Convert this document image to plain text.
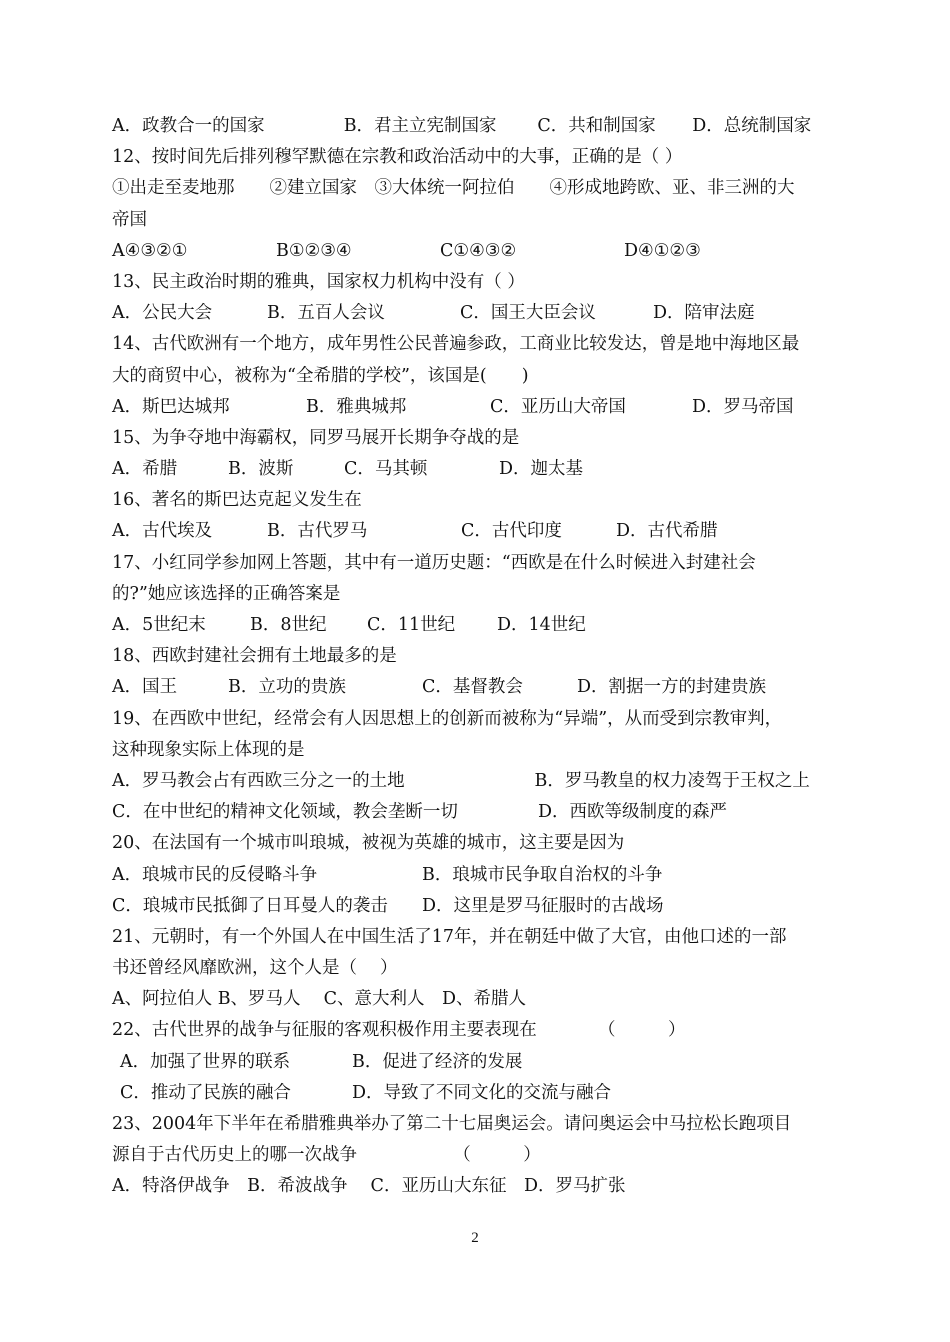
A．政教合一的国家	B．君主立宪制国家	C．共和制国家	D．总统制国家
12、按时间先后排列穆罕默德在宗教和政治活动中的大事，正确的是（ ）
①出走至麦地那　　②建立国家　③大体统一阿拉伯　　④形成地跨欧、亚、非三洲的大
帝国
A④③②①	B①②③④	C①④③②	D④①②③
13、民主政治时期的雅典，国家权力机构中没有（ ）
A．公民大会	B．五百人会议	C．国王大臣会议	D．陪审法庭
14、古代欧洲有一个地方，成年男性公民普遍参政，工商业比较发达，曾是地中海地区最
大的商贸中心，被称为“全希腊的学校”，该国是(　　)
A．斯巴达城邦	B．雅典城邦	C．亚历山大帝国	D．罗马帝国
15、为争夺地中海霸权，同罗马展开长期争夺战的是
A．希腊	B．波斯	C．马其顿	D．迦太基
16、著名的斯巴达克起义发生在
A．古代埃及	B．古代罗马	C．古代印度	D．古代希腊
17、小红同学参加网上答题，其中有一道历史题：“西欧是在什么时候进入封建社会
的?”她应该选择的正确答案是
A．5世纪末	B．8世纪	C．11世纪	D．14世纪
18、西欧封建社会拥有土地最多的是
A．国王	B．立功的贵族	C．基督教会	D．割据一方的封建贵族
19、在西欧中世纪，经常会有人因思想上的创新而被称为“异端”，从而受到宗教审判，
这种现象实际上体现的是
A．罗马教会占有西欧三分之一的土地	B．罗马教皇的权力凌驾于王权之上
C．在中世纪的精神文化领域，教会垄断一切	D．西欧等级制度的森严
20、在法国有一个城市叫琅城，被视为英雄的城市，这主要是因为
A．琅城市民的反侵略斗争	B．琅城市民争取自治权的斗争
C．琅城市民抵御了日耳曼人的袭击	D．这里是罗马征服时的古战场
21、元朝时，有一个外国人在中国生活了17年，并在朝廷中做了大官，由他口述的一部
书还曾经风靡欧洲，这个人是（　 ）
A、阿拉伯人 B、罗马人　 C、意大利人　D、希腊人
22、古代世界的战争与征服的客观积极作用主要表现在　　　　（　　　）
A．加强了世界的联系	B．促进了经济的发展
C．推动了民族的融合	D．导致了不同文化的交流与融合
23、2004年下半年在希腊雅典举办了第二十七届奥运会。请问奥运会中马拉松长跑项目
源自于古代历史上的哪一次战争　　　　　　（　　　）
A．特洛伊战争　B．希波战争　 C．亚历山大东征　D．罗马扩张
2
